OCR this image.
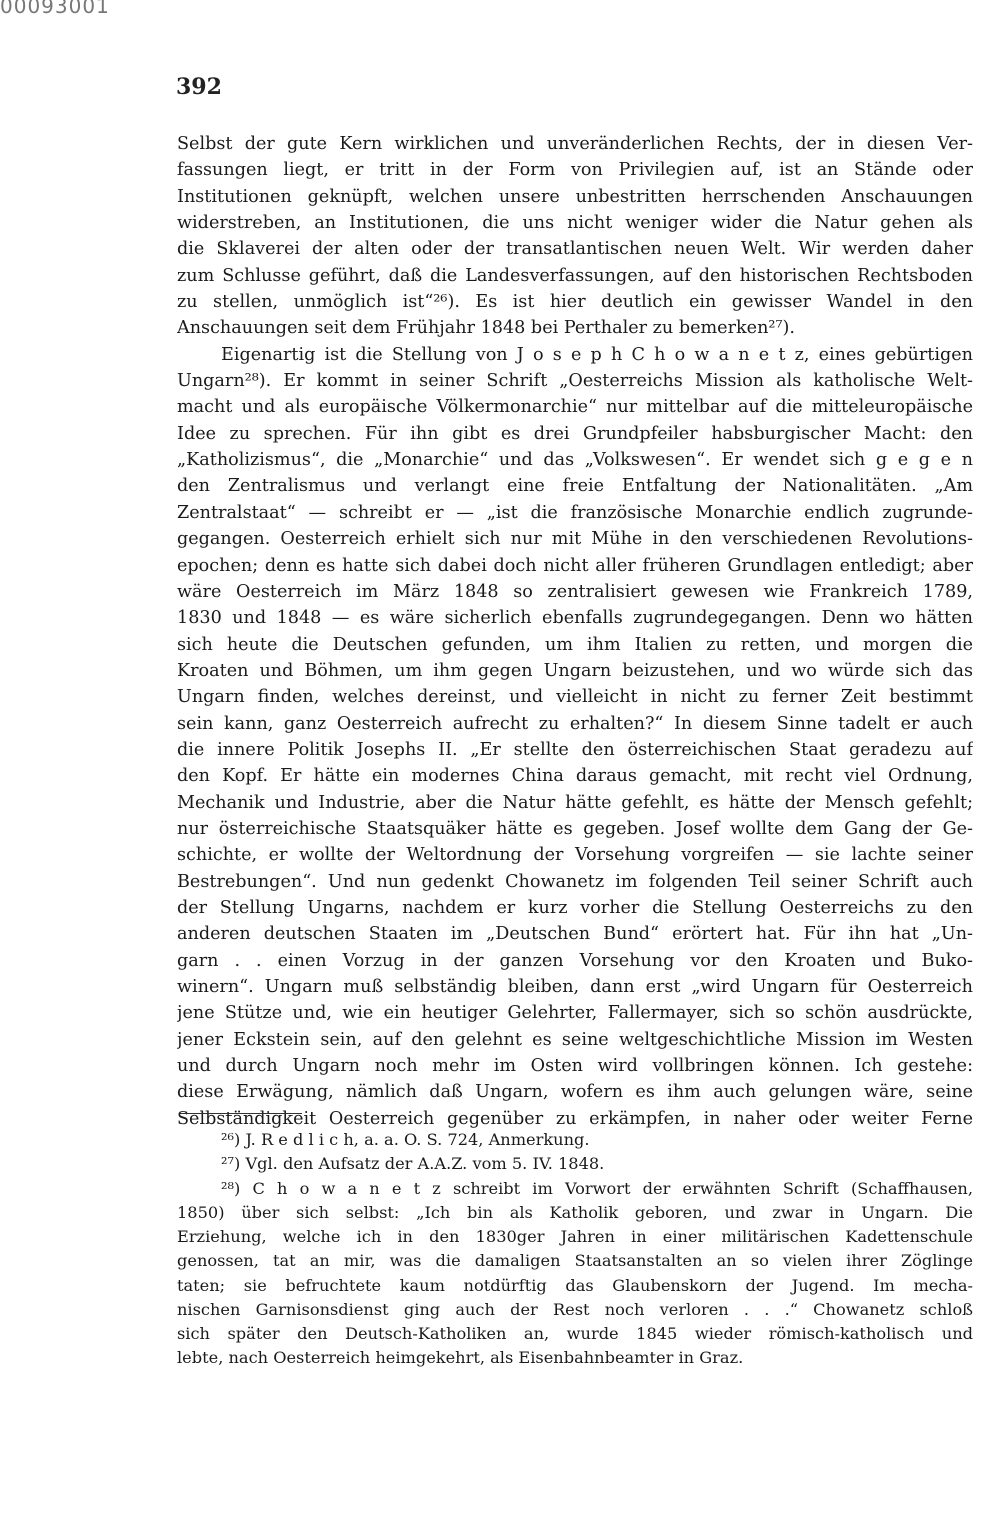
00093001
392
Selbst der gute Kern wirklichen und unveränderlichen Rechts, der in diesen Ver-
fassungen liegt, er tritt in der Form von Privilegien auf, ist an Stände oder
Institutionen geknüpft, welchen unsere unbestritten herrschenden Anschauungen
widerstreben, an Institutionen, die uns nicht weniger wider die Natur gehen als
die Sklaverei der alten oder der transatlantischen neuen Welt. Wir werden daher
zum Schlusse geführt, daß die Landesverfassungen, auf den historischen Rechtsboden
zu stellen, unmöglich ist“²⁶). Es ist hier deutlich ein gewisser Wandel in den
Anschauungen seit dem Frühjahr 1848 bei Perthaler zu bemerken²⁷).
Eigenartig ist die Stellung von J o s e p h C h o w a n e t z, eines gebürtigen
Ungarn²⁸). Er kommt in seiner Schrift „Oesterreichs Mission als katholische Welt-
macht und als europäische Völkermonarchie“ nur mittelbar auf die mitteleuropäische
Idee zu sprechen. Für ihn gibt es drei Grundpfeiler habsburgischer Macht: den
„Katholizismus“, die „Monarchie“ und das „Volkswesen“. Er wendet sich g e g e n
den Zentralismus und verlangt eine freie Entfaltung der Nationalitäten. „Am
Zentralstaat“ — schreibt er — „ist die französische Monarchie endlich zugrunde-
gegangen. Oesterreich erhielt sich nur mit Mühe in den verschiedenen Revolutions-
epochen; denn es hatte sich dabei doch nicht aller früheren Grundlagen entledigt; aber
wäre Oesterreich im März 1848 so zentralisiert gewesen wie Frankreich 1789,
1830 und 1848 — es wäre sicherlich ebenfalls zugrundegegangen. Denn wo hätten
sich heute die Deutschen gefunden, um ihm Italien zu retten, und morgen die
Kroaten und Böhmen, um ihm gegen Ungarn beizustehen, und wo würde sich das
Ungarn finden, welches dereinst, und vielleicht in nicht zu ferner Zeit bestimmt
sein kann, ganz Oesterreich aufrecht zu erhalten?“ In diesem Sinne tadelt er auch
die innere Politik Josephs II. „Er stellte den österreichischen Staat geradezu auf
den Kopf. Er hätte ein modernes China daraus gemacht, mit recht viel Ordnung,
Mechanik und Industrie, aber die Natur hätte gefehlt, es hätte der Mensch gefehlt;
nur österreichische Staatsquäker hätte es gegeben. Josef wollte dem Gang der Ge-
schichte, er wollte der Weltordnung der Vorsehung vorgreifen — sie lachte seiner
Bestrebungen“. Und nun gedenkt Chowanetz im folgenden Teil seiner Schrift auch
der Stellung Ungarns, nachdem er kurz vorher die Stellung Oesterreichs zu den
anderen deutschen Staaten im „Deutschen Bund“ erörtert hat. Für ihn hat „Un-
garn . . einen Vorzug in der ganzen Vorsehung vor den Kroaten und Buko-
winern“. Ungarn muß selbständig bleiben, dann erst „wird Ungarn für Oesterreich
jene Stütze und, wie ein heutiger Gelehrter, Fallermayer, sich so schön ausdrückte,
jener Eckstein sein, auf den gelehnt es seine weltgeschichtliche Mission im Westen
und durch Ungarn noch mehr im Osten wird vollbringen können. Ich gestehe:
diese Erwägung, nämlich daß Ungarn, wofern es ihm auch gelungen wäre, seine
Selbständigkeit Oesterreich gegenüber zu erkämpfen, in naher oder weiter Ferne
²⁶) J. R e d l i c h, a. a. O. S. 724, Anmerkung.
²⁷) Vgl. den Aufsatz der A.A.Z. vom 5. IV. 1848.
²⁸) C h o w a n e t z schreibt im Vorwort der erwähnten Schrift (Schaffhausen,
1850) über sich selbst: „Ich bin als Katholik geboren, und zwar in Ungarn. Die
Erziehung, welche ich in den 1830ger Jahren in einer militärischen Kadettenschule
genossen, tat an mir, was die damaligen Staatsanstalten an so vielen ihrer Zöglinge
taten; sie befruchtete kaum notdürftig das Glaubenskorn der Jugend. Im mecha-
nischen Garnisonsdienst ging auch der Rest noch verloren . . .“ Chowanetz schloß
sich später den Deutsch-Katholiken an, wurde 1845 wieder römisch-katholisch und
lebte, nach Oesterreich heimgekehrt, als Eisenbahnbeamter in Graz.
